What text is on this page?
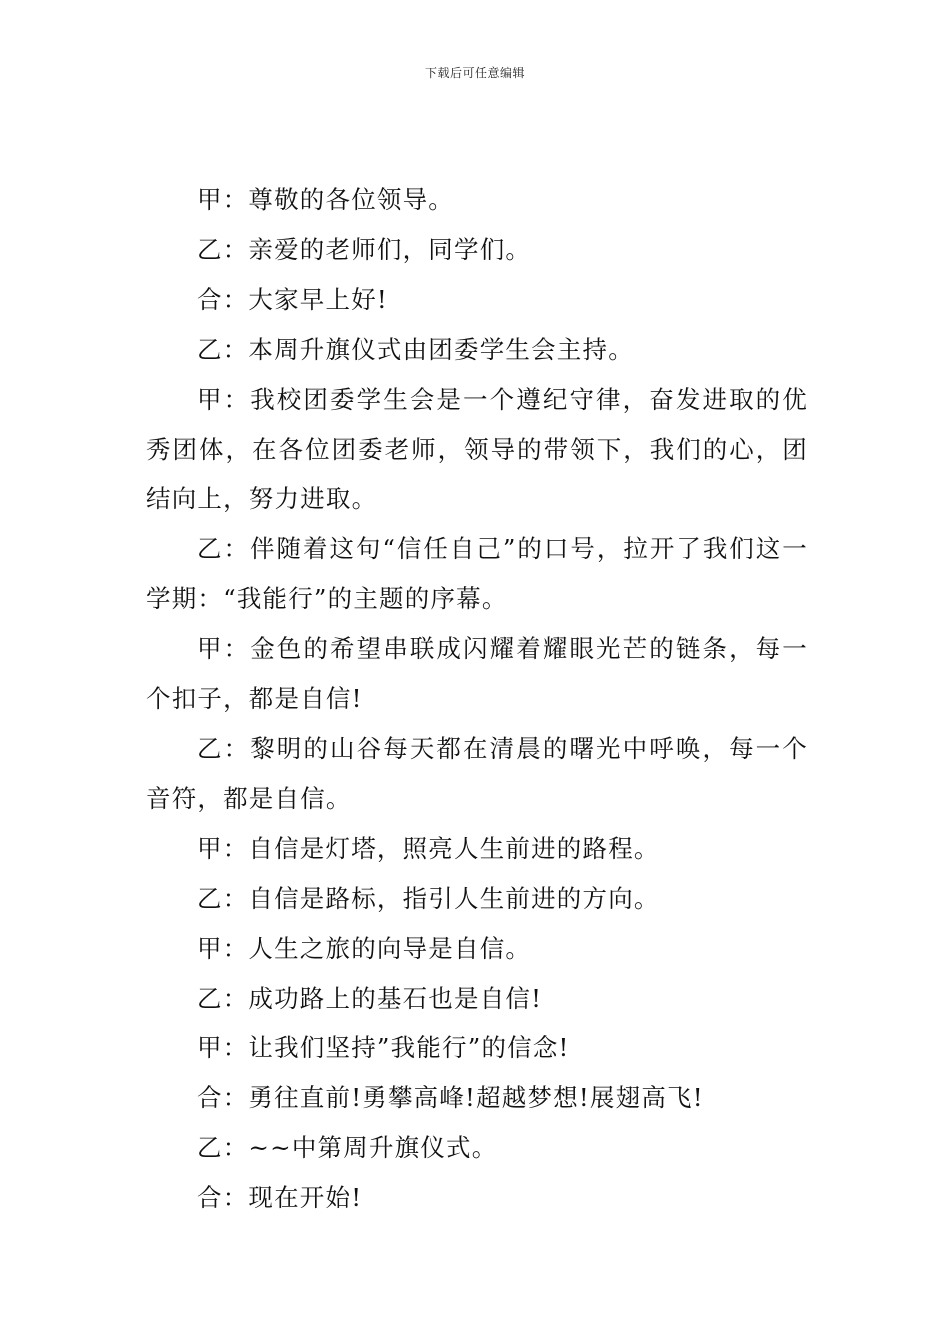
下载后可任意编辑

甲：尊敬的各位领导。

乙：亲爱的老师们，同学们。

合：大家早上好!

乙：本周升旗仪式由团委学生会主持。

甲：我校团委学生会是一个遵纪守律，奋发进取的优秀团体，在各位团委老师，领导的带领下，我们的心，团结向上，努力进取。

乙：伴随着这句“信任自己”的口号，拉开了我们这一学期：“我能行”的主题的序幕。

甲：金色的希望串联成闪耀着耀眼光芒的链条，每一个扣子，都是自信!

乙：黎明的山谷每天都在清晨的曙光中呼唤，每一个音符，都是自信。

甲：自信是灯塔，照亮人生前进的路程。

乙：自信是路标，指引人生前进的方向。

甲：人生之旅的向导是自信。

乙：成功路上的基石也是自信!

甲：让我们坚持”我能行”的信念!

合：勇往直前!勇攀高峰!超越梦想!展翅高飞!

乙：~~中第周升旗仪式。

合：现在开始!
